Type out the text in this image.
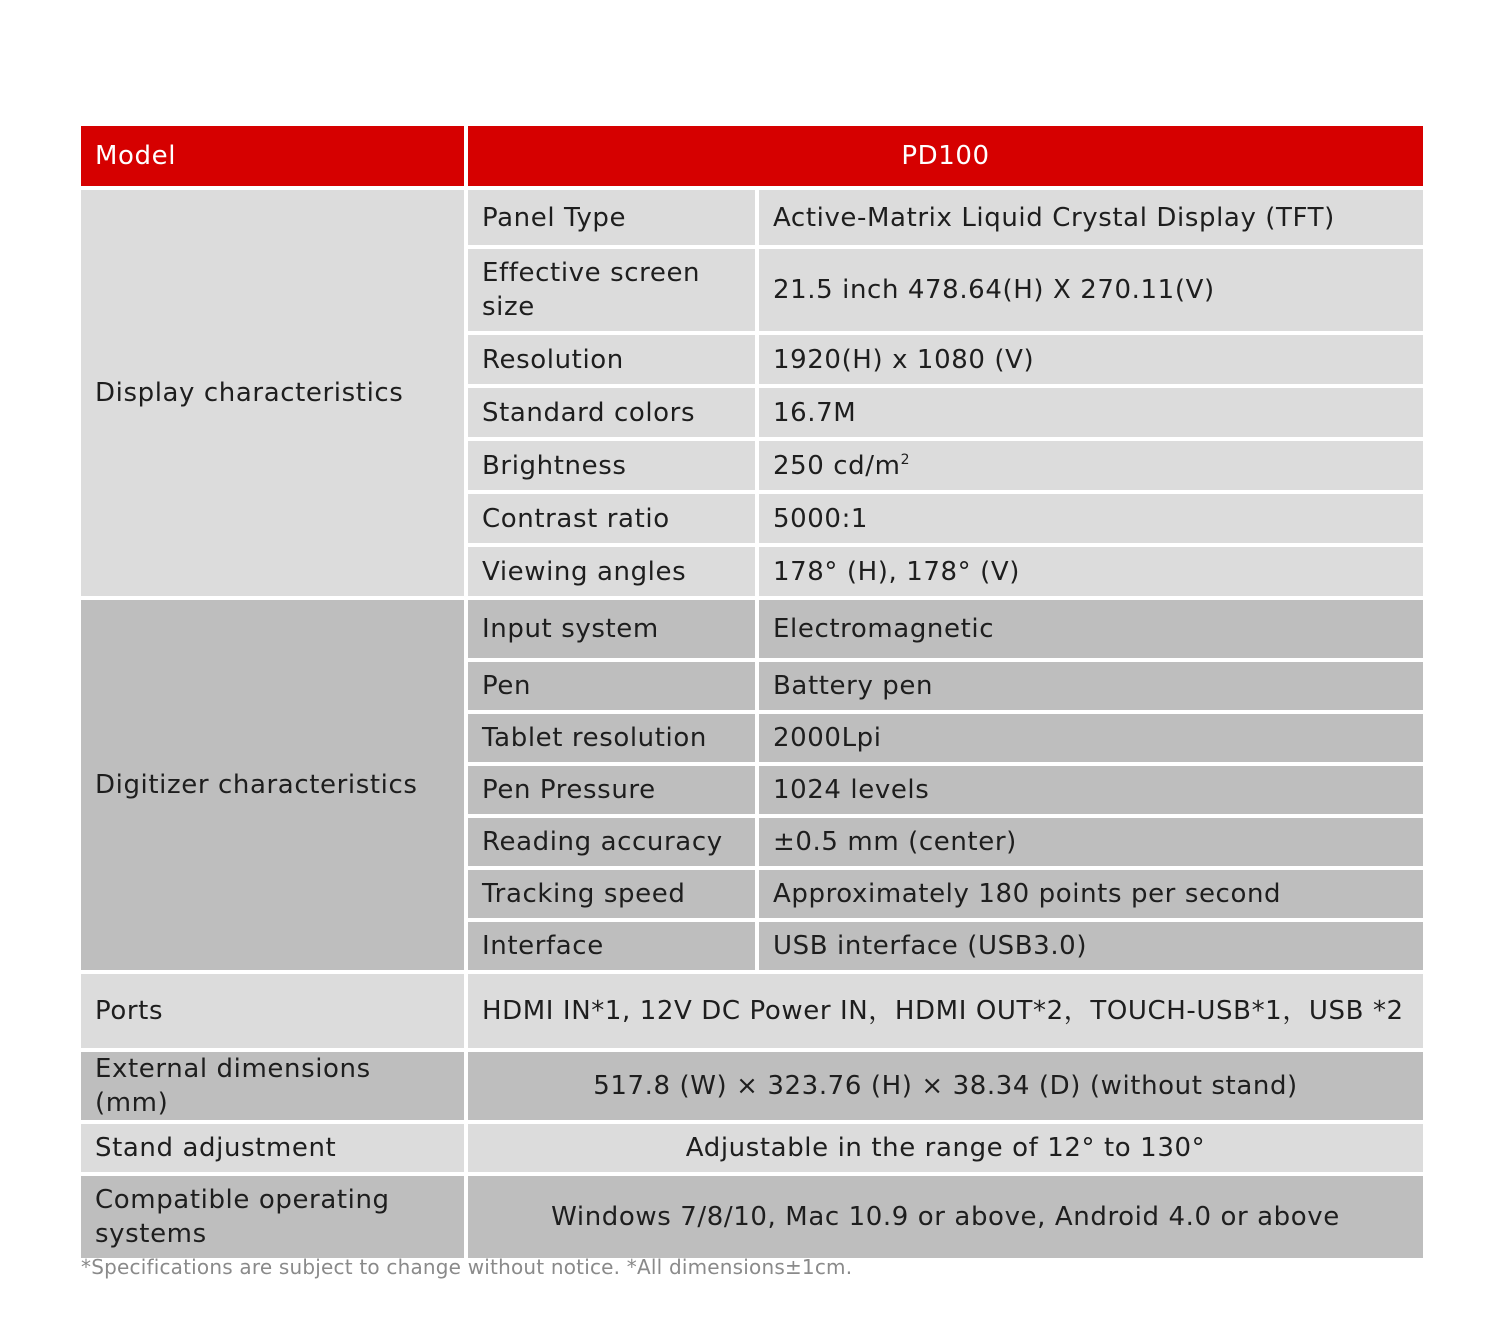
Model	PD100	
Display characteristics	Panel Type	Active-Matrix Liquid Crystal Display (TFT)
	Effective screen size	21.5 inch 478.64(H) X 270.11(V)
	Resolution	1920(H) x 1080 (V)
	Standard colors	16.7M
	Brightness	250 $cd/m^2$
	Contrast ratio	5000:1
	Viewing angles	178° (H), 178° (V)
Digitizer characteristics	Input system	Electromagnetic
	Pen	Battery pen
	Tablet resolution	2000Lpi
	Pen Pressure	1024 levels
	Reading accuracy	±0.5 mm (center)
	Tracking speed	Approximately 180 points per second
	Interface	USB interface (USB3.0)
Ports	HDMI IN*1, 12V DC Power IN，HDMI OUT*2，TOUCH-USB*1，USB *2	
External dimensions (mm)	517.8 (W) × 323.76 (H) × 38.34 (D) (without stand)	
Stand adjustment	Adjustable in the range of 12° to 130°	
Compatible operating systems	Windows 7/8/10, Mac 10.9 or above, Android 4.0 or above	
*Specifications are subject to change without notice. *All dimensions±1cm.
